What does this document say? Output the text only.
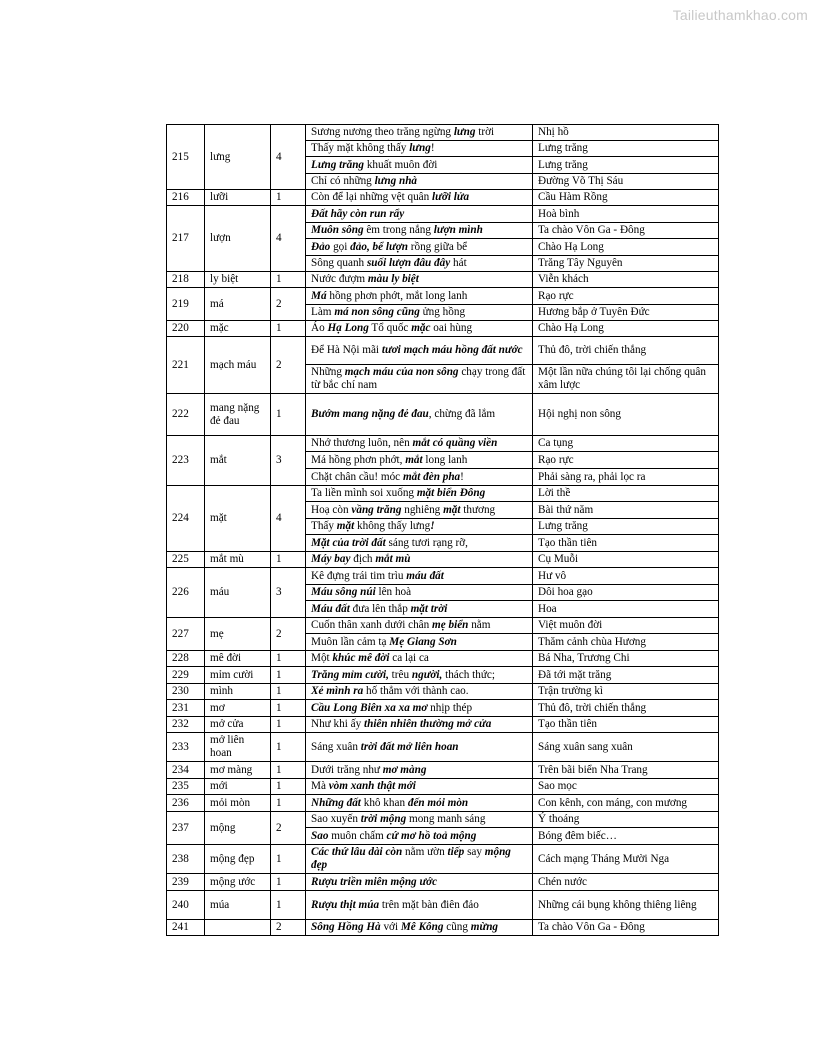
Tailieuthamkhao.com
215	lưng	4	Sương nương theo trăng ngừng lưng trời	Nhị hồ
			Thấy mặt không thấy lưng!	Lưng trăng
			Lưng trăng khuất muôn đời	Lưng trăng
			Chỉ có những lưng nhà	Đường Võ Thị Sáu
216	lưỡi	1	Còn để lại những vệt quân lưỡi lửa	Cầu Hàm Rồng
217	lượn	4	Đất hãy còn run rẩy	Hoà bình
			Muôn sông êm trong nắng lượn mình	Ta chào Vôn Ga - Đông
			Đảo gọi đảo, bể lượn rồng giữa bể	Chào Hạ Long
			Sông quanh suối lượn đâu đây hát	Trăng Tây Nguyên
218	ly biệt	1	Nước đượm màu ly biệt	Viễn khách
219	má	2	Má hồng phơn phớt, mắt long lanh	Rạo rực
			Làm má non sông cũng ửng hồng	Hương bắp ở Tuyên Đức
220	mặc	1	Áo Hạ Long Tổ quốc mặc oai hùng	Chào Hạ Long
221	mạch máu	2	Để Hà Nội mãi tươi mạch máu hồng đất nước	Thủ đô, trời chiến thắng
			Những mạch máu của non sông chạy trong đất từ bắc chí nam	Một lần nữa chúng tôi lại chống quân xâm lược
222	mang nặng đẻ đau	1	Bướm mang nặng đẻ đau, chừng đã lắm	Hội nghị non sông
223	mắt	3	Nhớ thương luôn, nên mắt có quầng viền	Ca tụng
			Má hồng phơn phớt, mắt long lanh	Rạo rực
			Chặt chân cầu! móc mắt đèn pha!	Phải sàng ra, phải lọc ra
224	mặt	4	Ta liền mình soi xuống mặt biển Đông	Lời thề
			Hoạ còn vầng trăng nghiêng mặt thương	Bài thứ năm
			Thấy mặt không thấy lưng!	Lưng trăng
			Mặt của trời đất sáng tươi rạng rỡ,	Tạo thần tiên
225	mắt mù	1	Máy bay địch mắt mù	Cụ Muỗi
226	máu	3	Kê đựng trái tim trìu máu đất	Hư vô
			Máu sông núi lên hoà	Dôi hoa gạo
			Máu đất đưa lên thắp mặt trời	Hoa
227	mẹ	2	Cuốn thân xanh dưới chân mẹ biển nằm	Việt muôn đời
			Muôn lần cảm tạ Mẹ Giang Sơn	Thăm cảnh chùa Hương
228	mê đời	1	Một khúc mê đời ca lại ca	Bá Nha, Trương Chi
229	mỉm cười	1	Trăng mỉm cười, trêu người, thách thức;	Đã tới mặt trăng
230	mình	1	Xẻ mình ra hố thẳm với thành cao.	Trận trường kì
231	mơ	1	Cầu Long Biên xa xa mơ nhịp thép	Thủ đô, trời chiến thắng
232	mở cửa	1	Như khi ấy thiên nhiên thường mở cửa	Tạo thần tiên
233	mở liên hoan	1	Sáng xuân trời đất mở liên hoan	Sáng xuân sang xuân
234	mơ màng	1	Dưới trăng như mơ màng	Trên bãi biển Nha Trang
235	mới	1	Mà vòm xanh thật mới	Sao mọc
236	mỏi mòn	1	Những đất khô khan đến mỏi mòn	Con kênh, con máng, con mương
237	mộng	2	Sao xuyến trời mộng mong manh sáng	Ý thoáng
			Sao muôn chấm cứ mơ hồ toả mộng	Bóng đêm biếc…
238	mộng đẹp	1	Các thứ lâu dài còn nằm ườn tiếp say mộng đẹp	Cách mạng Tháng Mười Nga
239	mộng ước	1	Rượu triền miên mộng ước	Chén nước
240	múa	1	Rượu thịt múa trên mặt bàn điên đảo	Những cái bụng không thiêng liêng
241		2	Sông Hồng Hà với Mê Kông cũng mừng	Ta chào Vôn Ga - Đông
